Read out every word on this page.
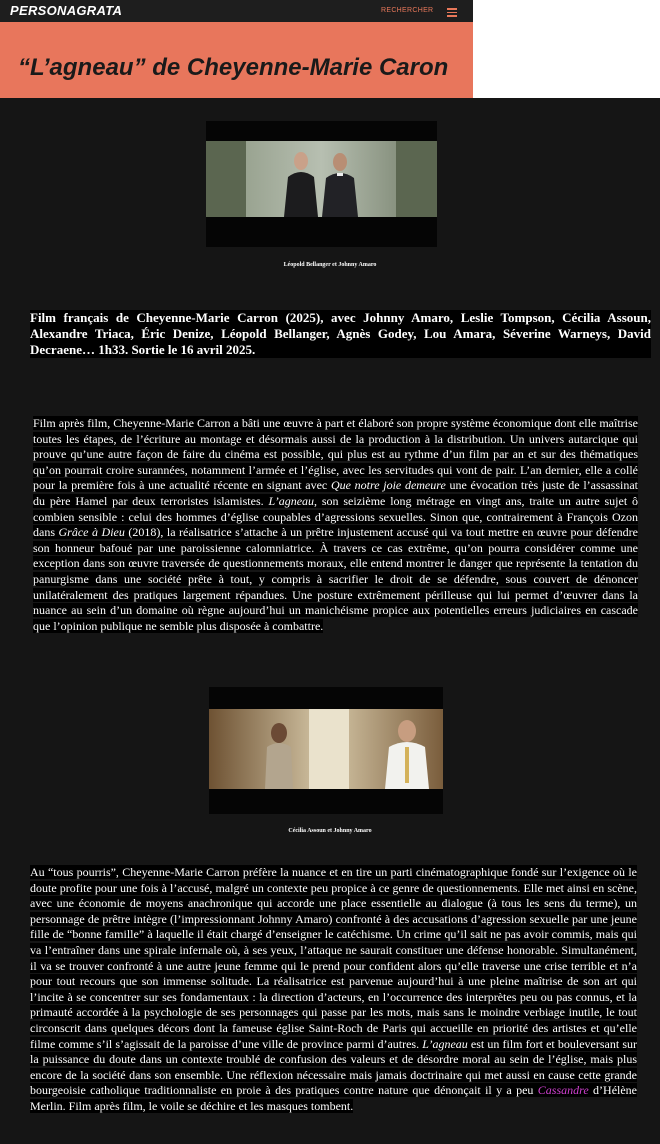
PERSONAGRATA	RECHERCHER
“L’agneau” de Cheyenne-Marie Caron
Léopold Bellanger et Johnny Amaro
Film français de Cheyenne-Marie Carron (2025), avec Johnny Amaro, Leslie Tompson, Cécilia Assoun, Alexandre Triaca, Éric Denize, Léopold Bellanger, Agnès Godey, Lou Amara, Séverine Warneys, David Decraene… 1h33. Sortie le 16 avril 2025.
Film après film, Cheyenne-Marie Carron a bâti une œuvre à part et élaboré son propre système économique dont elle maîtrise toutes les étapes, de l’écriture au montage et désormais aussi de la production à la distribution. Un univers autarcique qui prouve qu’une autre façon de faire du cinéma est possible, qui plus est au rythme d’un film par an et sur des thématiques qu’on pourrait croire surannées, notamment l’armée et l’église, avec les servitudes qui vont de pair. L’an dernier, elle a collé pour la première fois à une actualité récente en signant avec Que notre joie demeure une évocation très juste de l’assassinat du père Hamel par deux terroristes islamistes. L’agneau, son seizième long métrage en vingt ans, traite un autre sujet ô combien sensible : celui des hommes d’église coupables d’agressions sexuelles. Sinon que, contrairement à François Ozon dans Grâce à Dieu (2018), la réalisatrice s’attache à un prêtre injustement accusé qui va tout mettre en œuvre pour défendre son honneur bafoué par une paroissienne calomniatrice. À travers ce cas extrême, qu’on pourra considérer comme une exception dans son œuvre traversée de questionnements moraux, elle entend montrer le danger que représente la tentation du panurgisme dans une société prête à tout, y compris à sacrifier le droit de se défendre, sous couvert de dénoncer unilatéralement des pratiques largement répandues. Une posture extrêmement périlleuse qui lui permet d’œuvrer dans la nuance au sein d’un domaine où règne aujourd’hui un manichéisme propice aux potentielles erreurs judiciaires en cascade que l’opinion publique ne semble plus disposée à combattre.
Cécilia Assoun et Johnny Amaro
Au “tous pourris”, Cheyenne-Marie Carron préfère la nuance et en tire un parti cinématographique fondé sur l’exigence où le doute profite pour une fois à l’accusé, malgré un contexte peu propice à ce genre de questionnements. Elle met ainsi en scène, avec une économie de moyens anachronique qui accorde une place essentielle au dialogue (à tous les sens du terme), un personnage de prêtre intègre (l’impressionnant Johnny Amaro) confronté à des accusations d’agression sexuelle par une jeune fille de “bonne famille” à laquelle il était chargé d’enseigner le catéchisme. Un crime qu’il sait ne pas avoir commis, mais qui va l’entraîner dans une spirale infernale où, à ses yeux, l’attaque ne saurait constituer une défense honorable. Simultanément, il va se trouver confronté à une autre jeune femme qui le prend pour confident alors qu’elle traverse une crise terrible et n’a pour tout recours que son immense solitude. La réalisatrice est parvenue aujourd’hui à une pleine maîtrise de son art qui l’incite à se concentrer sur ses fondamentaux : la direction d’acteurs, en l’occurrence des interprètes peu ou pas connus, et la primauté accordée à la psychologie de ses personnages qui passe par les mots, mais sans le moindre verbiage inutile, le tout circonscrit dans quelques décors dont la fameuse église Saint-Roch de Paris qui accueille en priorité des artistes et qu’elle filme comme s’il s’agissait de la paroisse d’une ville de province parmi d’autres. L’agneau est un film fort et bouleversant sur la puissance du doute dans un contexte troublé de confusion des valeurs et de désordre moral au sein de l’église, mais plus encore de la société dans son ensemble. Une réflexion nécessaire mais jamais doctrinaire qui met aussi en cause cette grande bourgeoisie catholique traditionnaliste en proie à des pratiques contre nature que dénonçait il y a peu Cassandre d’Hélène Merlin. Film après film, le voile se déchire et les masques tombent.
